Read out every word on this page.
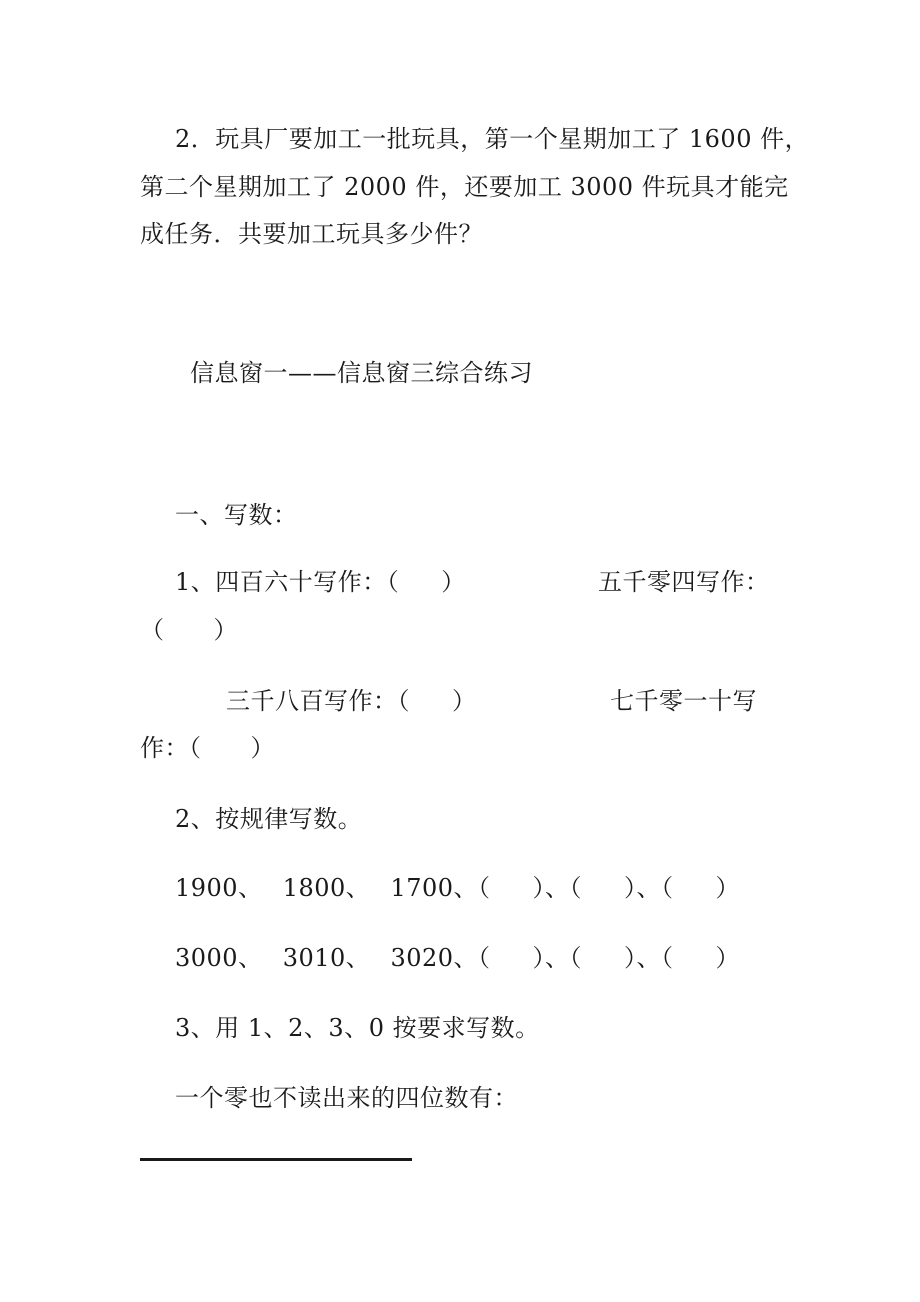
2．玩具厂要加工一批玩具，第一个星期加工了 1600 件，
第二个星期加工了 2000 件，还要加工 3000 件玩具才能完
成任务．共要加工玩具多少件？
信息窗一——信息窗三综合练习
一、写数：
1、四百六十写作：（ ）	五千零四写作：
（　　）
三千八百写作：（ ）	七千零一十写
作：（　　）
2、按规律写数。
1900、 1800、 1700、（ ）、（ ）、（ ）
3000、 3010、 3020、（ ）、（ ）、（ ）
3、用 1、2、3、0 按要求写数。
一个零也不读出来的四位数有：
